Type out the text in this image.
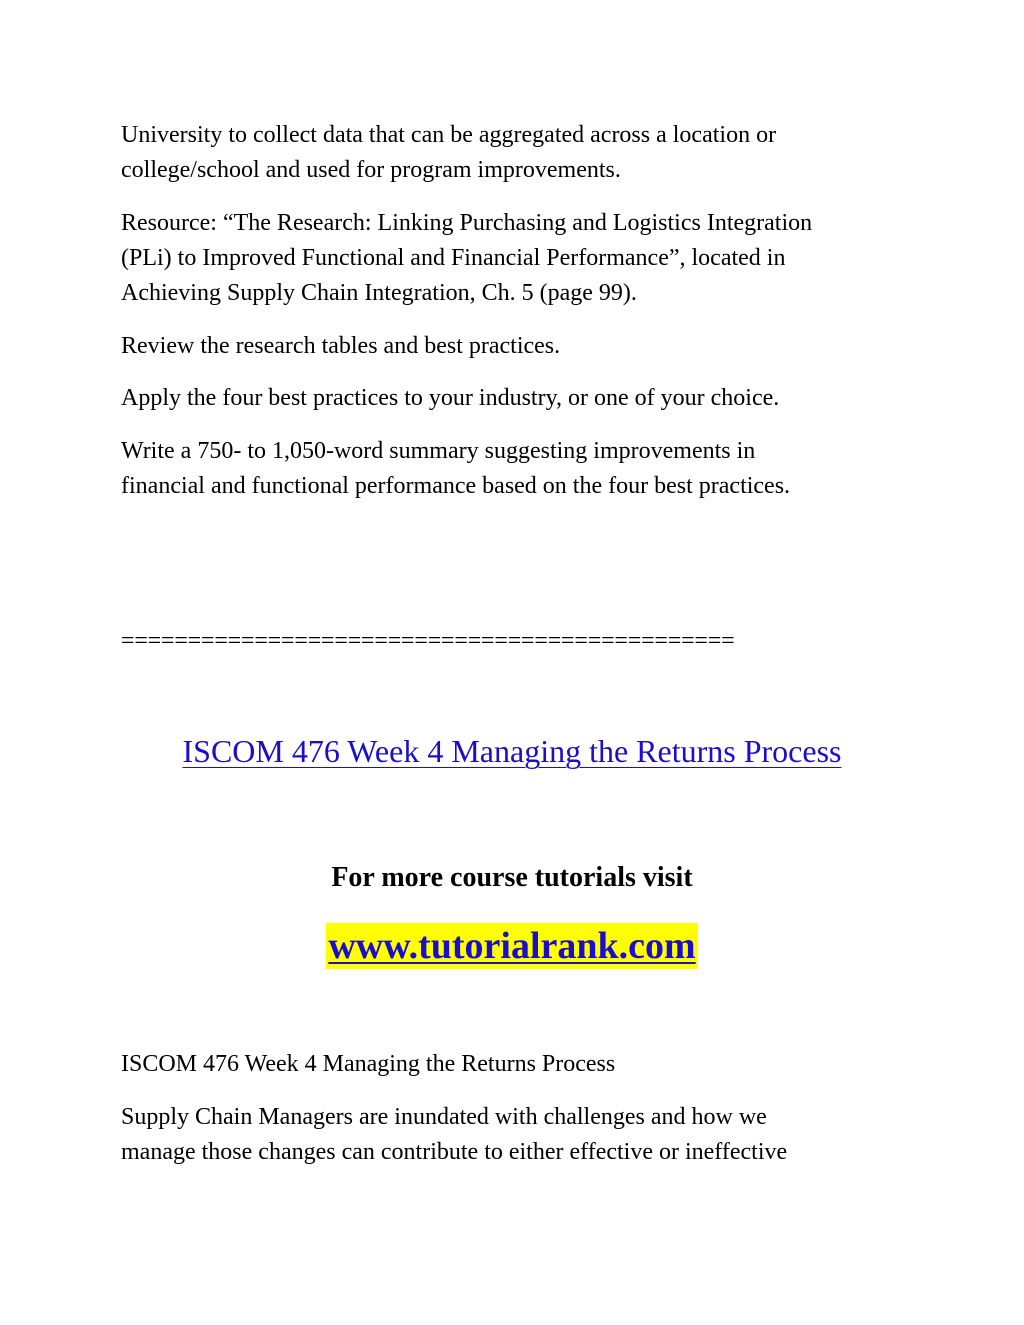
University to collect data that can be aggregated across a location or
college/school and used for program improvements.

Resource: “The Research: Linking Purchasing and Logistics Integration
(PLi) to Improved Functional and Financial Performance”, located in
Achieving Supply Chain Integration, Ch. 5 (page 99).

Review the research tables and best practices.

Apply the four best practices to your industry, or one of your choice.

Write a 750- to 1,050-word summary suggesting improvements in
financial and functional performance based on the four best practices.

==============================================
ISCOM 476 Week 4 Managing the Returns Process
For more course tutorials visit
www.tutorialrank.com

ISCOM 476 Week 4 Managing the Returns Process

Supply Chain Managers are inundated with challenges and how we
manage those changes can contribute to either effective or ineffective
